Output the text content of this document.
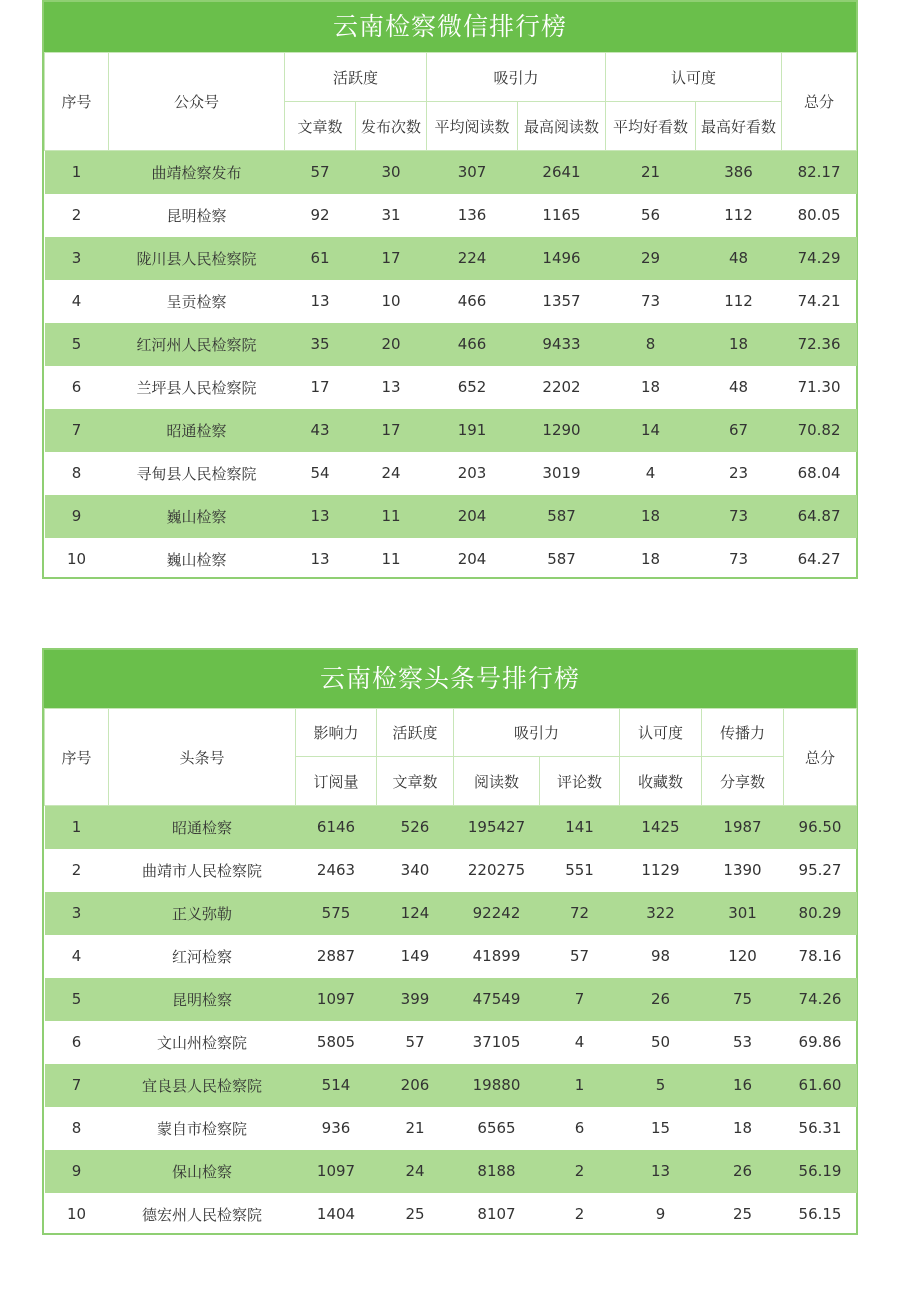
云南检察微信排行榜
序号	公众号	活跃度		吸引力		认可度		总分
		文章数	发布次数	平均阅读数	最高阅读数	平均好看数	最高好看数	
1	曲靖检察发布	57	30	307	2641	21	386	82.17
2	昆明检察	92	31	136	1165	56	112	80.05
3	陇川县人民检察院	61	17	224	1496	29	48	74.29
4	呈贡检察	13	10	466	1357	73	112	74.21
5	红河州人民检察院	35	20	466	9433	8	18	72.36
6	兰坪县人民检察院	17	13	652	2202	18	48	71.30
7	昭通检察	43	17	191	1290	14	67	70.82
8	寻甸县人民检察院	54	24	203	3019	4	23	68.04
9	巍山检察	13	11	204	587	18	73	64.87
10	巍山检察	13	11	204	587	18	73	64.27
云南检察头条号排行榜
序号	头条号	影响力	活跃度	吸引力		认可度	传播力	总分
		订阅量	文章数	阅读数	评论数	收藏数	分享数	
1	昭通检察	6146	526	195427	141	1425	1987	96.50
2	曲靖市人民检察院	2463	340	220275	551	1129	1390	95.27
3	正义弥勒	575	124	92242	72	322	301	80.29
4	红河检察	2887	149	41899	57	98	120	78.16
5	昆明检察	1097	399	47549	7	26	75	74.26
6	文山州检察院	5805	57	37105	4	50	53	69.86
7	宜良县人民检察院	514	206	19880	1	5	16	61.60
8	蒙自市检察院	936	21	6565	6	15	18	56.31
9	保山检察	1097	24	8188	2	13	26	56.19
10	德宏州人民检察院	1404	25	8107	2	9	25	56.15
